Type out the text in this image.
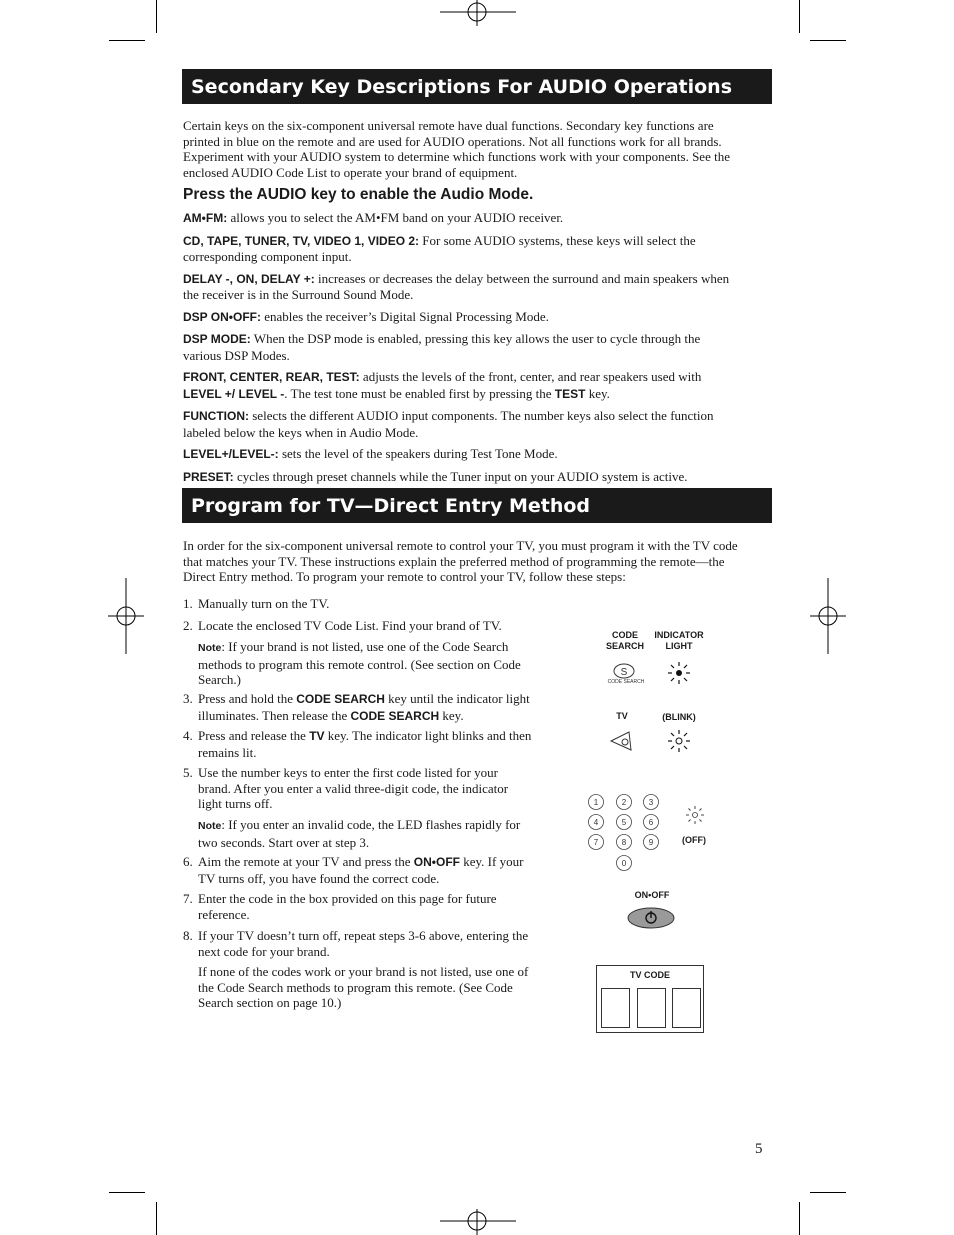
Secondary Key Descriptions For AUDIO Operations

Certain keys on the six-component universal remote have dual functions. Secondary key functions are printed in blue on the remote and are used for AUDIO operations. Not all functions work for all brands. Experiment with your AUDIO system to determine which functions work with your components. See the enclosed AUDIO Code List to operate your brand of equipment.

Press the AUDIO key to enable the Audio Mode.

AM•FM: allows you to select the AM•FM band on your AUDIO receiver.

CD, TAPE, TUNER, TV, VIDEO 1, VIDEO 2: For some AUDIO systems, these keys will select the corresponding component input.

DELAY -, ON, DELAY +: increases or decreases the delay between the surround and main speakers when the receiver is in the Surround Sound Mode.

DSP ON•OFF: enables the receiver’s Digital Signal Processing Mode.

DSP MODE: When the DSP mode is enabled, pressing this key allows the user to cycle through the various DSP Modes.

FRONT, CENTER, REAR, TEST: adjusts the levels of the front, center, and rear speakers used with LEVEL +/ LEVEL -. The test tone must be enabled first by pressing the TEST key.

FUNCTION: selects the different AUDIO input components. The number keys also select the function labeled below the keys when in Audio Mode.

LEVEL+/LEVEL-: sets the level of the speakers during Test Tone Mode.

PRESET: cycles through preset channels while the Tuner input on your AUDIO system is active.

Program for TV—Direct Entry Method

In order for the six-component universal remote to control your TV, you must program it with the TV code that matches your TV. These instructions explain the preferred method of programming the remote—the Direct Entry method. To program your remote to control your TV, follow these steps:

1. Manually turn on the TV.
2. Locate the enclosed TV Code List. Find your brand of TV.
Note: If your brand is not listed, use one of the Code Search methods to program this remote control. (See section on Code Search.)
3. Press and hold the CODE SEARCH key until the indicator light illuminates. Then release the CODE SEARCH key.
4. Press and release the TV key. The indicator light blinks and then remains lit.
5. Use the number keys to enter the first code listed for your brand. After you enter a valid three-digit code, the indicator light turns off.
Note: If you enter an invalid code, the LED flashes rapidly for two seconds. Start over at step 3.
6. Aim the remote at your TV and press the ON•OFF key. If your TV turns off, you have found the correct code.
7. Enter the code in the box provided on this page for future reference.
8. If your TV doesn’t turn off, repeat steps 3-6 above, entering the next code for your brand.
If none of the codes work or your brand is not listed, use one of the Code Search methods to program this remote. (See Code Search section on page 10.)
CODE
SEARCH
INDICATOR
LIGHT
S
CODE SEARCH
TV	(BLINK)
1	2	3
4	5	6
7	8	9
0
(OFF)
ON•OFF
TV CODE
5
